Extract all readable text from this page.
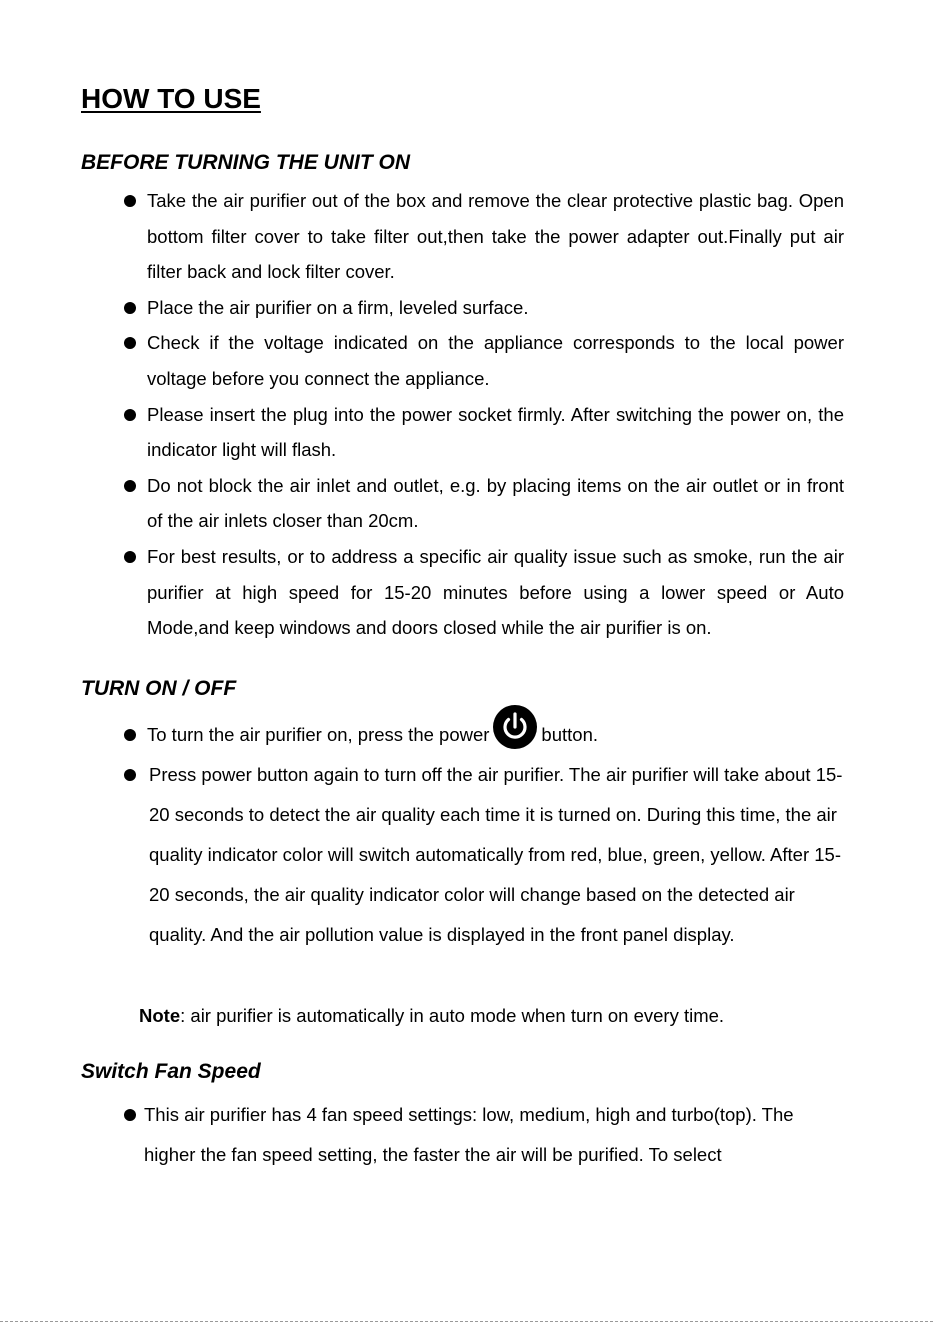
HOW TO USE
BEFORE TURNING THE UNIT ON
Take the air purifier out of the box and remove the clear protective plastic bag. Open bottom filter cover to take filter out,then take the power adapter out.Finally put air filter back and lock filter cover.
Place the air purifier on a firm, leveled surface.
Check if the voltage indicated on the appliance corresponds to the local power voltage before you connect the appliance.
Please insert the plug into the power socket firmly. After switching the power on, the indicator light will flash.
Do not block the air inlet and outlet, e.g. by placing items on the air outlet or in front of the air inlets closer than 20cm.
For best results, or to address a specific air quality issue such as smoke, run the air purifier at high speed for 15-20 minutes before using a lower speed or Auto Mode,and keep windows and doors closed while the air purifier is on.
TURN ON / OFF
To turn the air purifier on, press the power	button.
Press power button again to turn off the air purifier. The air purifier will take about 15-20 seconds to detect the air quality each time it is turned on. During this time, the air quality indicator color will switch automatically from red, blue, green, yellow. After 15-20 seconds, the air quality indicator color will change based on the detected air quality. And the air pollution value is displayed in the front panel display.

Note: air purifier is automatically in auto mode when turn on every time.

Switch Fan Speed
This air purifier has 4 fan speed settings: low, medium, high and turbo(top). The higher the fan speed setting, the faster the air will be purified. To select
